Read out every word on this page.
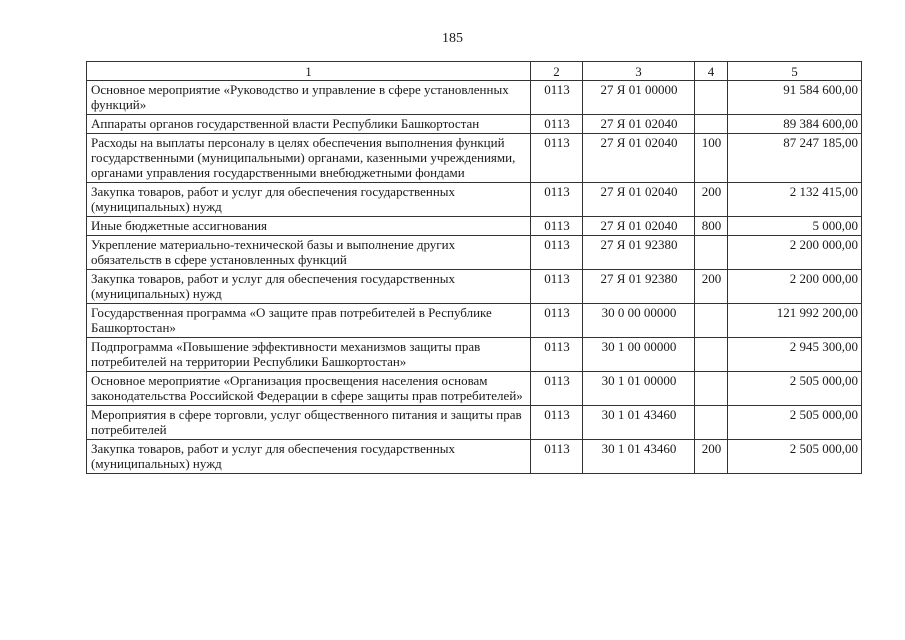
185
1	2	3	4	5
Основное мероприятие «Руководство и управление в сфере установленных функций»	0113	27 Я 01 00000		91 584 600,00
Аппараты органов государственной власти Республики Башкортостан	0113	27 Я 01 02040		89 384 600,00
Расходы на выплаты персоналу в целях обеспечения выполнения функций государственными (муниципальными) органами, казенными учреждениями, органами управления государственными внебюджетными фондами	0113	27 Я 01 02040	100	87 247 185,00
Закупка товаров, работ и услуг для обеспечения государственных (муниципальных) нужд	0113	27 Я 01 02040	200	2 132 415,00
Иные бюджетные ассигнования	0113	27 Я 01 02040	800	5 000,00
Укрепление материально-технической базы и выполнение других обязательств в сфере установленных функций	0113	27 Я 01 92380		2 200 000,00
Закупка товаров, работ и услуг для обеспечения государственных (муниципальных) нужд	0113	27 Я 01 92380	200	2 200 000,00
Государственная программа «О защите прав потребителей в Республике Башкортостан»	0113	30 0 00 00000		121 992 200,00
Подпрограмма «Повышение эффективности механизмов защиты прав потребителей на территории Республики Башкортостан»	0113	30 1 00 00000		2 945 300,00
Основное мероприятие «Организация просвещения населения основам законодательства Российской Федерации в сфере защиты прав потребителей»	0113	30 1 01 00000		2 505 000,00
Мероприятия в сфере торговли, услуг общественного питания и защиты прав потребителей	0113	30 1 01 43460		2 505 000,00
Закупка товаров, работ и услуг для обеспечения государственных (муниципальных) нужд	0113	30 1 01 43460	200	2 505 000,00
